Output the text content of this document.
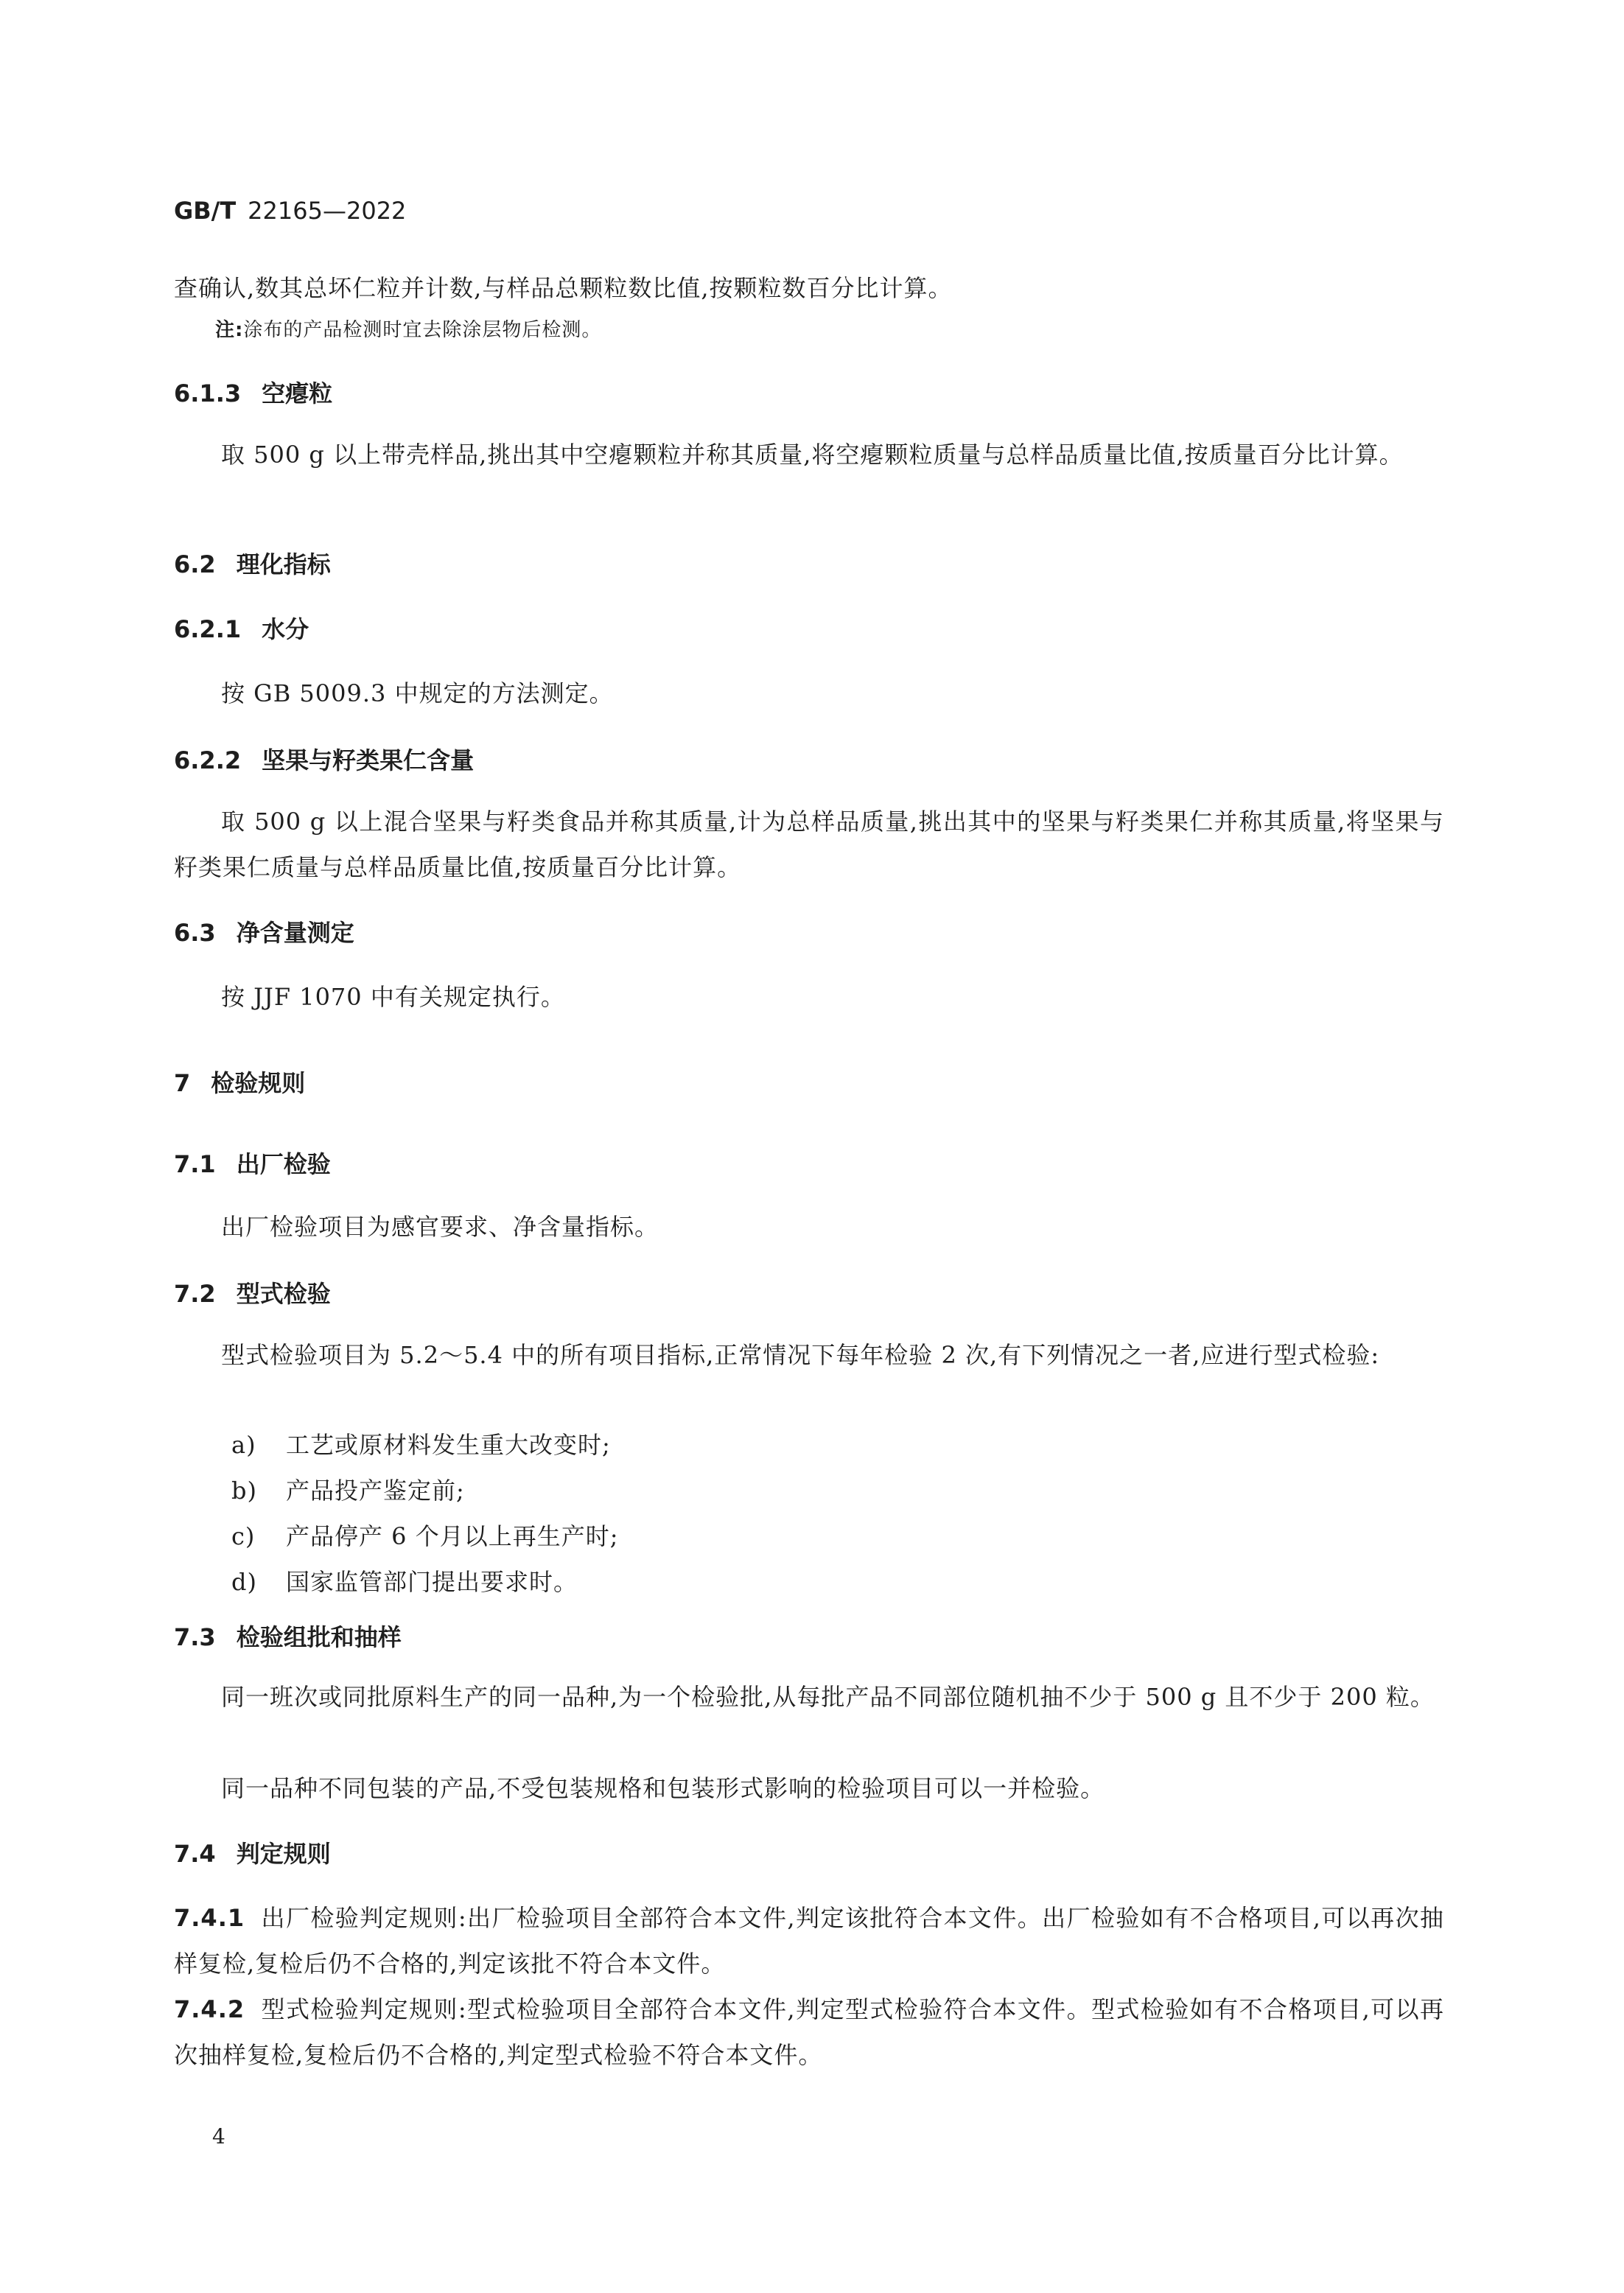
GB/T 22165—2022

查确认,数其总坏仁粒并计数,与样品总颗粒数比值,按颗粒数百分比计算。

注:涂布的产品检测时宜去除涂层物后检测。
6.1.3 空瘪粒

取 500 g 以上带壳样品,挑出其中空瘪颗粒并称其质量,将空瘪颗粒质量与总样品质量比值,按质量百分比计算。

6.2 理化指标
6.2.1 水分

按 GB 5009.3 中规定的方法测定。

6.2.2 坚果与籽类果仁含量

取 500 g 以上混合坚果与籽类食品并称其质量,计为总样品质量,挑出其中的坚果与籽类果仁并称其质量,将坚果与籽类果仁质量与总样品质量比值,按质量百分比计算。

6.3 净含量测定

按 JJF 1070 中有关规定执行。

7 检验规则
7.1 出厂检验

出厂检验项目为感官要求、净含量指标。

7.2 型式检验

型式检验项目为 5.2～5.4 中的所有项目指标,正常情况下每年检验 2 次,有下列情况之一者,应进行型式检验:

a) 工艺或原材料发生重大改变时;
b) 产品投产鉴定前;
c) 产品停产 6 个月以上再生产时;
d) 国家监管部门提出要求时。
7.3 检验组批和抽样

同一班次或同批原料生产的同一品种,为一个检验批,从每批产品不同部位随机抽不少于 500 g 且不少于 200 粒。

同一品种不同包装的产品,不受包装规格和包装形式影响的检验项目可以一并检验。

7.4 判定规则

7.4.1 出厂检验判定规则:出厂检验项目全部符合本文件,判定该批符合本文件。出厂检验如有不合格项目,可以再次抽样复检,复检后仍不合格的,判定该批不符合本文件。

7.4.2 型式检验判定规则:型式检验项目全部符合本文件,判定型式检验符合本文件。型式检验如有不合格项目,可以再次抽样复检,复检后仍不合格的,判定型式检验不符合本文件。

4
